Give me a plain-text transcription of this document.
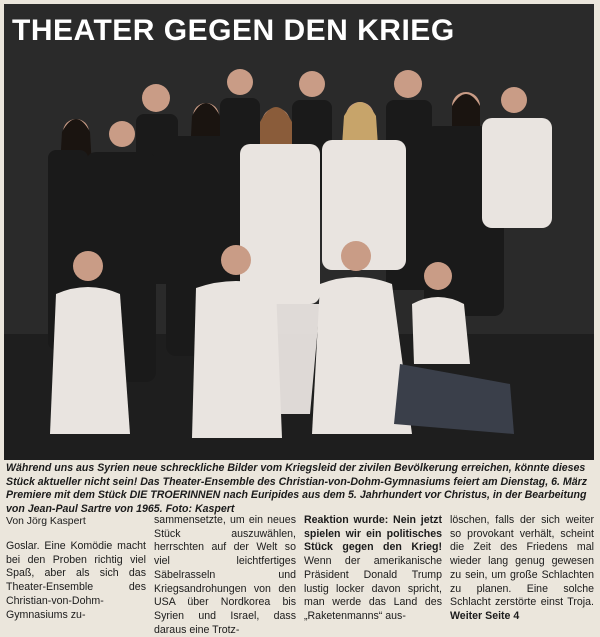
THEATER GEGEN DEN KRIEG

Während uns aus Syrien neue schreckliche Bilder vom Kriegsleid der zivilen Bevölkerung erreichen, könnte dieses Stück aktueller nicht sein! Das Theater-Ensemble des Christian-von-Dohm-Gymnasiums feiert am Dienstag, 6. März Premiere mit dem Stück DIE TROERINNEN nach Euripides aus dem 5. Jahrhundert vor Christus, in der Bearbeitung von Jean-Paul Sartre von 1965. Foto: Kaspert

Von Jörg Kaspert

Goslar. Eine Komödie macht bei den Proben richtig viel Spaß, aber als sich das Theater-Ensemble des Christian-von-Dohm-Gymnasiums zu-

sammensetzte, um ein neues Stück auszuwählen, herrschten auf der Welt so viel leichtfertiges Säbelrasseln und Kriegsandrohungen von den USA über Nordkorea bis Syrien und Israel, dass daraus eine Trotz-

Reaktion wurde: Nein jetzt spielen wir ein politisches Stück gegen den Krieg! Wenn der amerikanische Präsident Donald Trump lustig locker davon spricht, man werde das Land des „Raketenmanns“ aus-

löschen, falls der sich weiter so provokant verhält, scheint die Zeit des Friedens mal wieder lang genug gewesen zu sein, um große Schlachten zu planen. Eine solche Schlacht zerstörte einst Troja. Weiter Seite 4
